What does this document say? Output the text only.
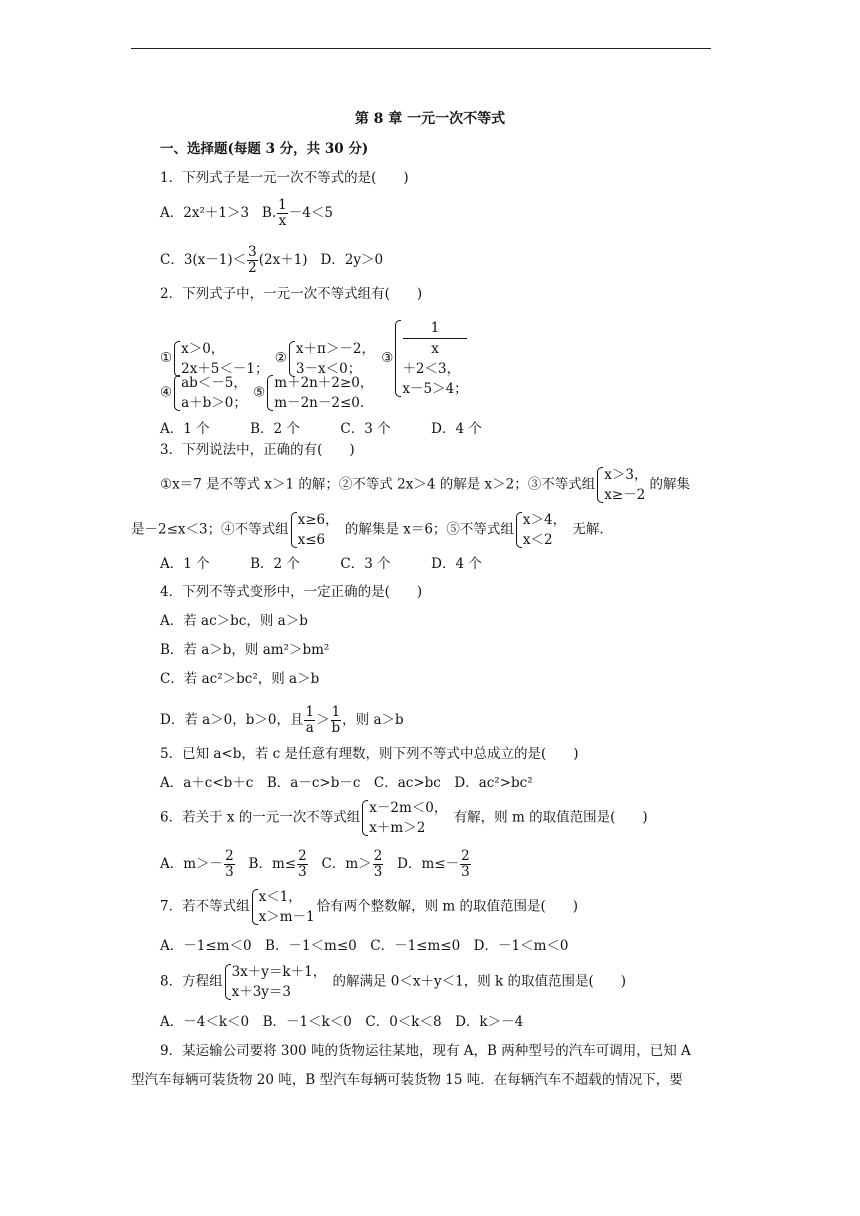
第 8 章 一元一次不等式
一、选择题(每题 3 分，共 30 分)
1．下列式子是一元一次不等式的是(　　)
A．2x²＋1＞3 B. $\frac{1}{x} -4<5$
C．$3(x-1)< \frac{3}{2} (2x+1)$ D．2y＞0
2．下列式子中，一元一次不等式组有(　　)
①
x＞0，
2x＋5＜－1；
②
x＋π＞－2，
3－x＜0；
③
1
x
＋2＜3，
x－5＞4；
④
ab＜－5，
a＋b＞0；
⑤
m＋2n＋2≥0，
m－2n－2≤0.
A．1 个　　　B．2 个　　　C．3 个　　　D．4 个
3．下列说法中，正确的有(　　)
①x＝7 是不等式 x＞1 的解；②不等式 2x＞4 的解是 x＞2；③不等式组
x＞3，
x≥－2
的解集
是－2≤x＜3；④不等式组
x≥6，
x≤6
的解集是 x＝6；⑤不等式组
x＞4，
x＜2
无解.
A．1 个　　　B．2 个　　　C．3 个　　　D．4 个
4．下列不等式变形中，一定正确的是(　　)
A．若 ac＞bc，则 a＞b
B．若 a＞b，则 am²＞bm²
C．若 ac²＞bc²，则 a＞b
D．若 a＞0，b＞0，且 $\frac{1}{a} > \frac{1}{b}$ ，则 a＞b
5．已知 a<b，若 c 是任意有理数，则下列不等式中总成立的是(　　)
A．a＋c<b＋c　B．a－c>b－c　C．ac>bc　D．ac²>bc²
6．若关于 x 的一元一次不等式组
x－2m＜0，
x＋m＞2
有解，则 m 的取值范围是(　　)
A．$m>- \frac{2}{3}$ B．$m\le \frac{2}{3}$ C．$m> \frac{2}{3}$ D．$m\le- \frac{2}{3}$
7．若不等式组
x＜1，
x＞m－1
恰有两个整数解，则 m 的取值范围是(　　)
A．－1≤m＜0　B．－1＜m≤0　C．－1≤m≤0　D．－1＜m＜0
8．方程组
3x＋y＝k＋1，
x＋3y＝3
的解满足 0＜x＋y＜1，则 k 的取值范围是(　　)
A．－4＜k＜0　B．－1＜k＜0　C．0＜k＜8　D．k＞－4
9．某运输公司要将 300 吨的货物运往某地，现有 A，B 两种型号的汽车可调用，已知 A
型汽车每辆可装货物 20 吨，B 型汽车每辆可装货物 15 吨．在每辆汽车不超载的情况下，要
